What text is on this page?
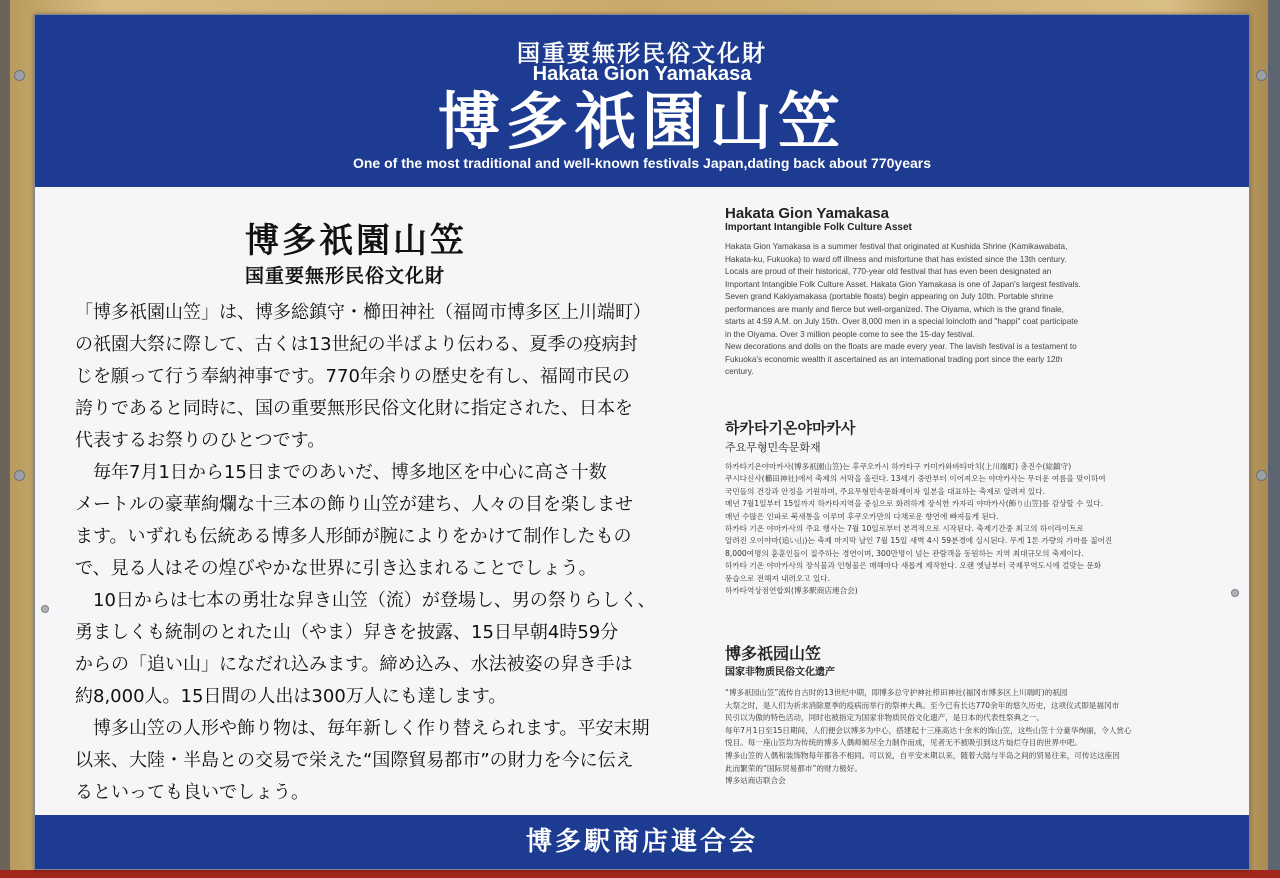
国重要無形民俗文化財
Hakata Gion Yamakasa
博多祇園山笠
One of the most traditional and well-known festivals Japan,dating back about 770years
博多祇園山笠
国重要無形民俗文化財
「博多祇園山笠」は、博多総鎮守・櫛田神社（福岡市博多区上川端町）
の祇園大祭に際して、古くは13世紀の半ばより伝わる、夏季の疫病封
じを願って行う奉納神事です。770年余りの歴史を有し、福岡市民の
誇りであると同時に、国の重要無形民俗文化財に指定された、日本を
代表するお祭りのひとつです。
　毎年7月1日から15日までのあいだ、博多地区を中心に高さ十数
メートルの豪華絢爛な十三本の飾り山笠が建ち、人々の目を楽しませ
ます。いずれも伝統ある博多人形師が腕によりをかけて制作したもの
で、見る人はその煌びやかな世界に引き込まれることでしょう。
　10日からは七本の勇壮な舁き山笠（流）が登場し、男の祭りらしく、
勇ましくも統制のとれた山（やま）舁きを披露、15日早朝4時59分
からの「追い山」になだれ込みます。締め込み、水法被姿の舁き手は
約8,000人。15日間の人出は300万人にも達します。
　博多山笠の人形や飾り物は、毎年新しく作り替えられます。平安末期
以来、大陸・半島との交易で栄えた“国際貿易都市”の財力を今に伝え
るといっても良いでしょう。
Hakata Gion Yamakasa
Important Intangible Folk Culture Asset
Hakata Gion Yamakasa is a summer festival that originated at Kushida Shrine (Kamikawabata,
Hakata-ku, Fukuoka) to ward off illness and misfortune that has existed since the 13th century.
Locals are proud of their historical, 770-year old festival that has even been designated an
Important Intangible Folk Culture Asset. Hakata Gion Yamakasa is one of Japan's largest festivals.
Seven grand Kakiyamakasa (portable floats) begin appearing on July 10th. Portable shrine
performances are manly and fierce but well-organized. The Oiyama, which is the grand finale,
starts at 4:59 A.M. on July 15th. Over 8,000 men in a special loincloth and "happi" coat participate
in the Oiyama. Over 3 million people come to see the 15-day festival.
New decorations and dolls on the floats are made every year. The lavish festival is a testament to
Fukuoka's economic wealth it ascertained as an international trading port since the early 12th
century.
하카타기온야마카사
주요무형민속문화재
하카타기온야마카사(博多祇園山笠)는 후쿠오카시 하카타구 카미카와바타마치(上川端町) 총진수(総鎮守)
쿠시다신사(櫛田神社)에서 축제의 서막을 올린다. 13세기 중반부터 이어져오는 야마카사는 무더운 여름을 맞이하여
국민들의 건강과 안정을 기원하며, 주요무형민속문화재이자 일본을 대표하는 축제로 알려져 있다.
매년 7월1일부터 15일까지 하카타지역을 중심으로 화려하게 장식한 카자리 야마카사(飾り山笠)를 감상할 수 있다.
매년 수많은 인파로 북새통을 이루며 후쿠오카만의 다채로운 향연에 빠져들게 된다.
하카타 기온 야마카사의 주요 행사는 7월 10일로부터 본격적으로 시작된다. 축제기간중 최고의 하이라이트로
알려진 오이야마(追い山)는 축제 마지막 날인 7월 15일 새벽 4시 59분경에 실시된다. 무게 1톤 가량의 가마를 짊어진
8,000여명의 훈훈인들이 질주하는 경연이며, 300만명이 넘는 관람객을 동원하는 지역 최대규모의 축제이다.
하카타 기온 야마카사의 장식물과 인형물은 매해마다 새롭게 제작한다. 오랜 옛날부터 국제무역도시에 걸맞는 문화
풍습으로 전해져 내려오고 있다.
하카타역상점연합회(博多駅商店連合会)
博多祇园山笠
国家非物质民俗文化遗产
“博多祇园山笠”流传自古时的13世纪中期，即博多总守护神社栉田神社(福冈市博多区上川端町)的祇园
大祭之时，是人们为祈求消除夏季的疫病而举行的祭神大典。至今已有长达770余年的悠久历史，这项仪式即是福冈市
民引以为傲的特色活动，同时也被指定为国家非物质民俗文化遗产，是日本的代表性祭典之一。
每年7月1日至15日期间，人们便会以博多为中心，搭建起十三座高达十余米的饰山笠，这些山笠十分豪华绚丽，令人赏心
悦目。每一座山笠均为传统的博多人偶师倾尽全力制作而成，见者无不被吸引到这片灿烂夺目的世界中吧。
博多山笠的人偶和装饰物每年都各不相同。可以说，自平安末期以来，随着大陆与半岛之间的贸易往来，可传达这座因
此而繁荣的“国际贸易都市”的财力极好。
博多站商店联合会
博多駅商店連合会
